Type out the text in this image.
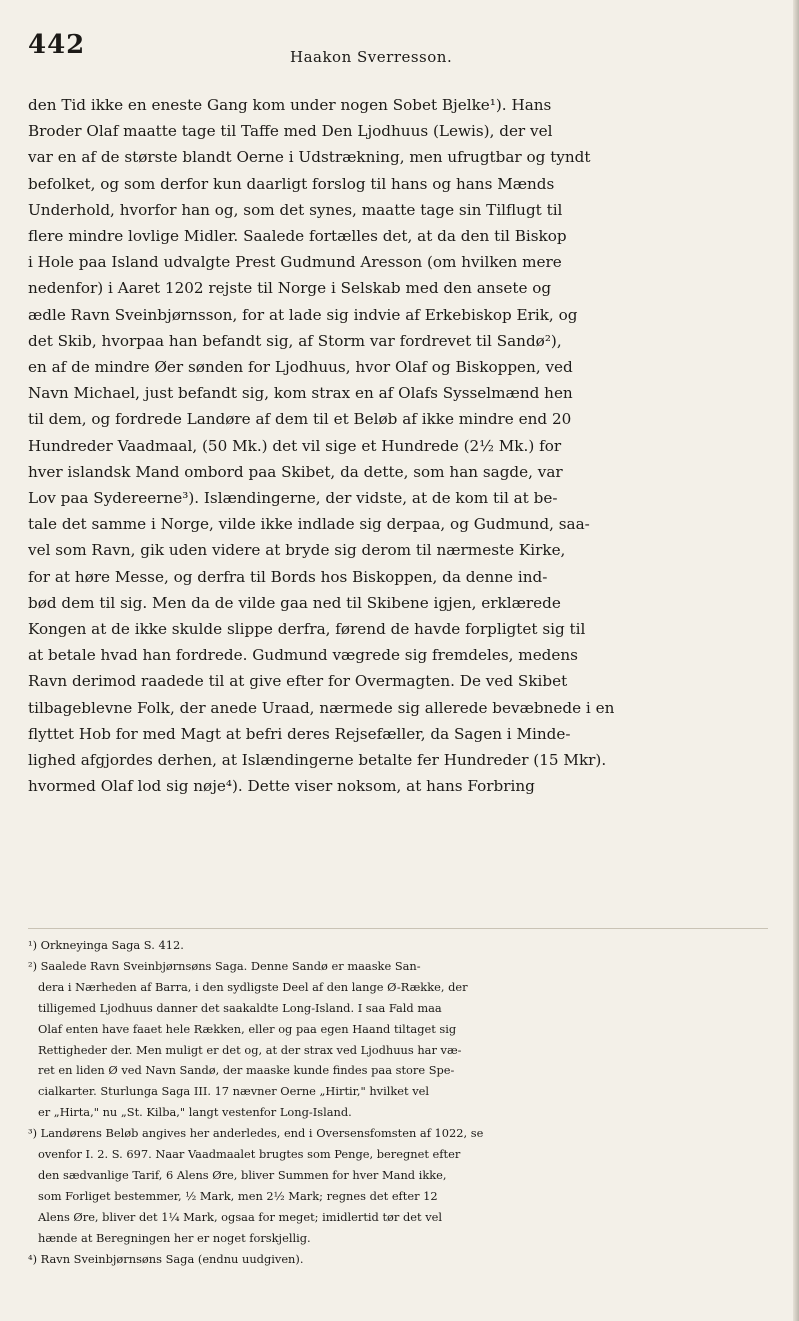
442	Haakon Sverresson.

den Tid ikke en eneste Gang kom under nogen Sobet Bjelke¹). Hans
Broder Olaf maatte tage til Taffe med Den Ljodhuus (Lewis), der vel
var en af de største blandt Oerne i Udstrækning, men ufrugtbar og tyndt
befolket, og som derfor kun daarligt forslog til hans og hans Mænds
Underhold, hvorfor han og, som det synes, maatte tage sin Tilflugt til
flere mindre lovlige Midler. Saalede fortælles det, at da den til Biskop
i Hole paa Island udvalgte Prest Gudmund Aresson (om hvilken mere
nedenfor) i Aaret 1202 rejste til Norge i Selskab med den ansete og
ædle Ravn Sveinbjørnsson, for at lade sig indvie af Erkebiskop Erik, og
det Skib, hvorpaa han befandt sig, af Storm var fordrevet til Sandø²),
en af de mindre Øer sønden for Ljodhuus, hvor Olaf og Biskoppen, ved
Navn Michael, just befandt sig, kom strax en af Olafs Sysselmænd hen
til dem, og fordrede Landøre af dem til et Beløb af ikke mindre end 20
Hundreder Vaadmaal, (50 Mk.) det vil sige et Hundrede (2½ Mk.) for
hver islandsk Mand ombord paa Skibet, da dette, som han sagde, var
Lov paa Sydereerne³). Islændingerne, der vidste, at de kom til at be-
tale det samme i Norge, vilde ikke indlade sig derpaa, og Gudmund, saa-
vel som Ravn, gik uden videre at brydе sig derom til nærmeste Kirke,
for at høre Messe, og derfra til Bords hos Biskoppen, da denne ind-
bød dem til sig. Men da de vilde gaa ned til Skibene igjen, erklærede
Kongen at de ikke skulde slippe derfra, førend de havde forpligtet sig til
at betale hvad han fordrede. Gudmund vægrede sig fremdeles, medens
Ravn derimod raadede til at give efter for Overmagten. De ved Skibet
tilbageblevne Folk, der anede Uraad, nærmede sig allerede bevæbnede i en
flyttet Hob for med Magt at befri deres Rejsefæller, da Sagen i Minde-
lighed afgjordes derhen, at Islændingerne betalte fer Hundreder (15 Mkr).
hvormed Olaf lod sig nøje⁴). Dette viser noksom, at hans Forbring

¹) Orkneyinga Saga S. 412.
²) Saalede Ravn Sveinbjørnsøns Saga. Denne Sandø er maaske San-
dera i Nærheden af Barra, i den sydligste Deel af den lange Ø-Række, der
tilligemed Ljodhuus danner det saakaldte Long-Island. I saa Fald maa
Olaf enten have faaet hele Rækken, eller og paa egen Haand tiltaget sig
Rettigheder der. Men muligt er det og, at der strax ved Ljodhuus har væ-
ret en liden Ø ved Navn Sandø, der maaske kunde findes paa store Spe-
cialkarter. Sturlunga Saga III. 17 nævner Oerne „Hirtir," hvilket vel
er „Hirta," nu „St. Kilba," langt vestenfor Long-Island.
³) Landørens Beløb angives her anderledes, end i Oversensfomsten af 1022, se
ovenfor I. 2. S. 697. Naar Vaadmaalet brugtes som Penge, beregnet efter
den sædvanlige Tarif, 6 Alens Øre, bliver Summen for hver Mand ikke,
som Forliget bestemmer, ½ Mark, men 2½ Mark; regnes det efter 12
Alens Øre, bliver det 1¼ Mark, ogsaa for meget; imidlertid tør det vel
hænde at Beregningen her er noget forskjellig.
⁴) Ravn Sveinbjørnsøns Saga (endnu uudgiven).
